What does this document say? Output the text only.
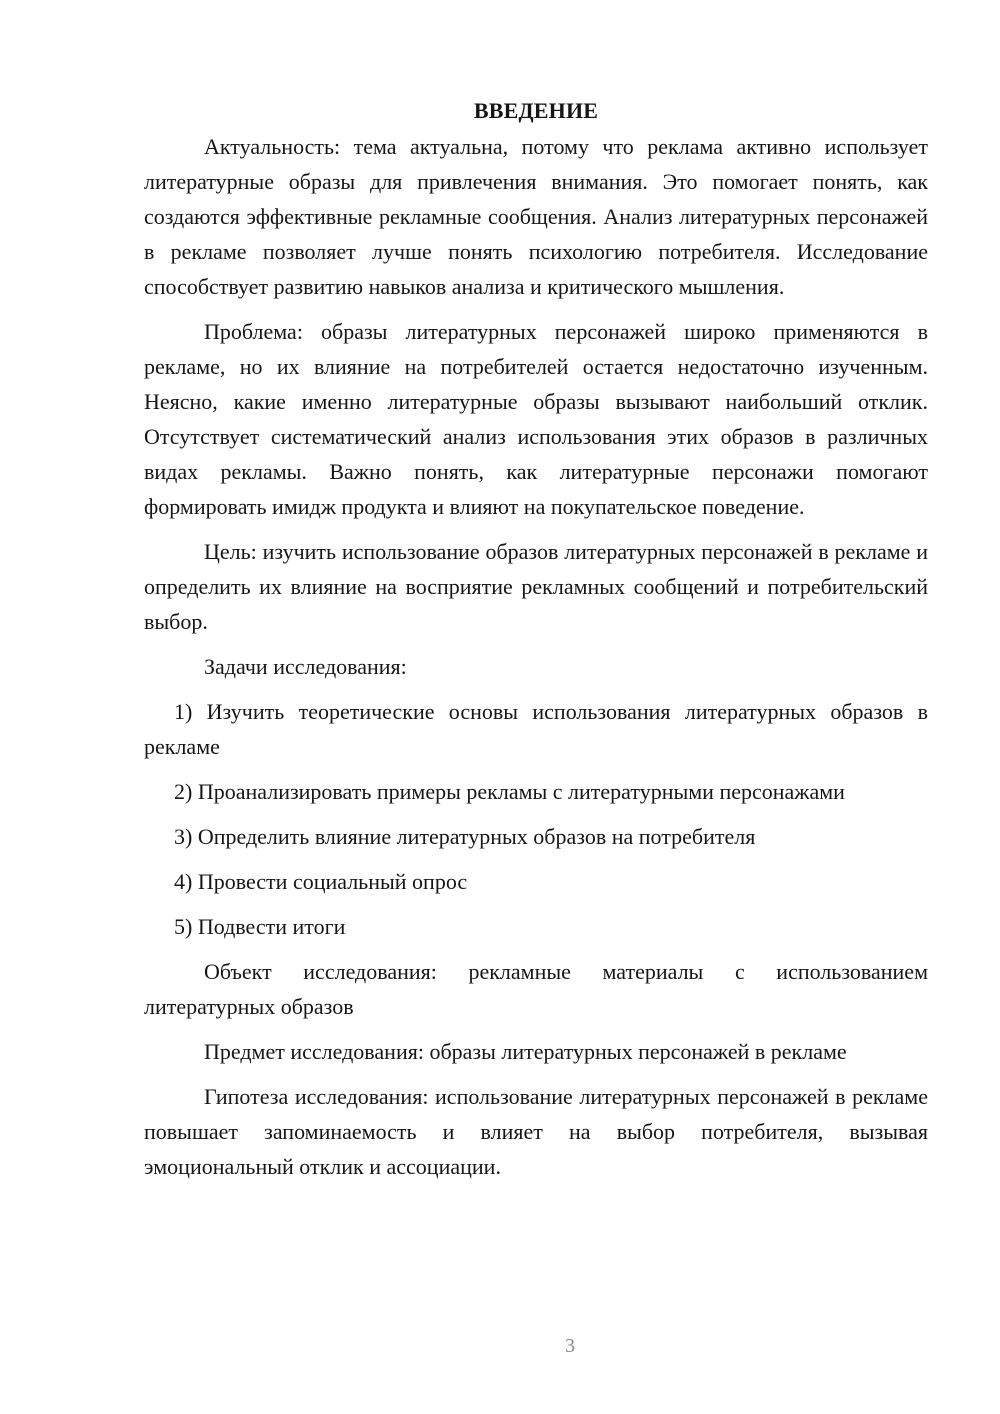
ВВЕДЕНИЕ

Актуальность: тема актуальна, потому что реклама активно использует литературные образы для привлечения внимания. Это помогает понять, как создаются эффективные рекламные сообщения. Анализ литературных персонажей в рекламе позволяет лучше понять психологию потребителя. Исследование способствует развитию навыков анализа и критического мышления.

Проблема: образы литературных персонажей широко применяются в рекламе, но их влияние на потребителей остается недостаточно изученным. Неясно, какие именно литературные образы вызывают наибольший отклик. Отсутствует систематический анализ использования этих образов в различных видах рекламы. Важно понять, как литературные персонажи помогают формировать имидж продукта и влияют на покупательское поведение.

Цель: изучить использование образов литературных персонажей в рекламе и определить их влияние на восприятие рекламных сообщений и потребительский выбор.

Задачи исследования:

1) Изучить теоретические основы использования литературных образов в рекламе

2) Проанализировать примеры рекламы с литературными персонажами

3) Определить влияние литературных образов на потребителя

4) Провести социальный опрос

5) Подвести итоги

Объект исследования: рекламные материалы с использованием литературных образов

Предмет исследования: образы литературных персонажей в рекламе

Гипотеза исследования: использование литературных персонажей в рекламе повышает запоминаемость и влияет на выбор потребителя, вызывая эмоциональный отклик и ассоциации.

3
